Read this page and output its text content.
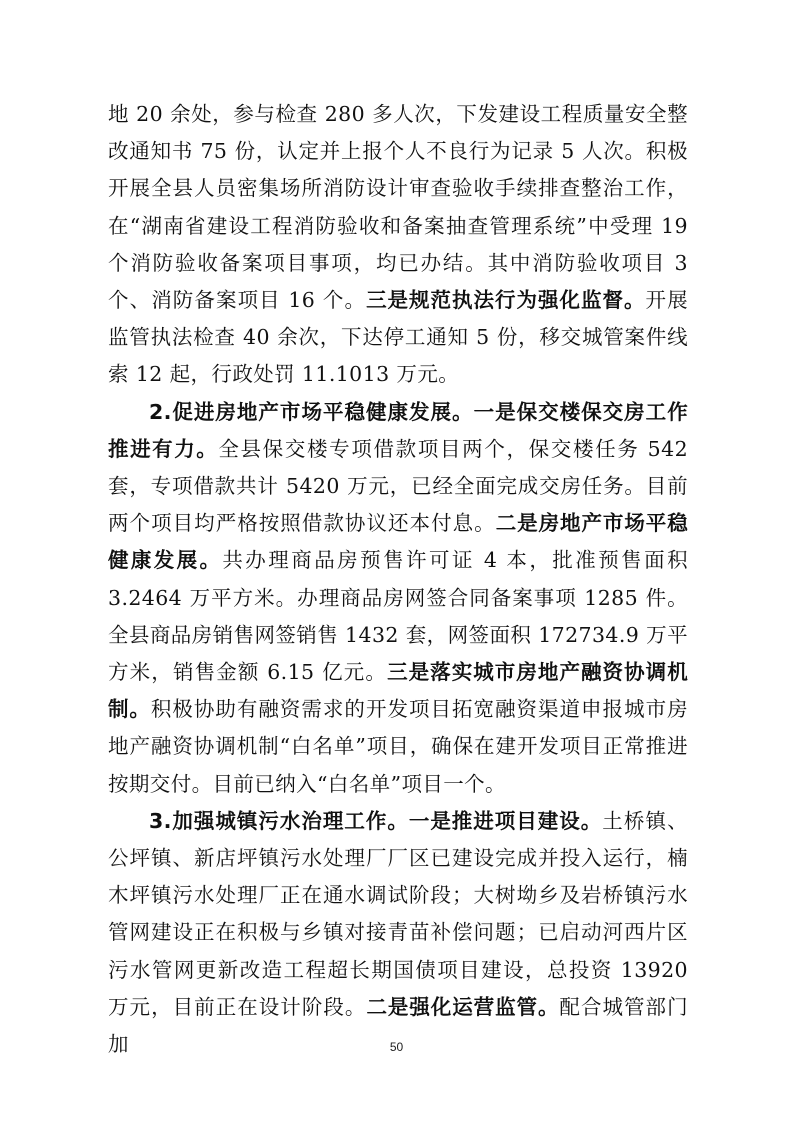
地 20 余处，参与检查 280 多人次，下发建设工程质量安全整改通知书 75 份，认定并上报个人不良行为记录 5 人次。积极开展全县人员密集场所消防设计审查验收手续排查整治工作，在“湖南省建设工程消防验收和备案抽查管理系统”中受理 19 个消防验收备案项目事项，均已办结。其中消防验收项目 3 个、消防备案项目 16 个。三是规范执法行为强化监督。开展监管执法检查 40 余次，下达停工通知 5 份，移交城管案件线索 12 起，行政处罚 11.1013 万元。

2.促进房地产市场平稳健康发展。一是保交楼保交房工作推进有力。全县保交楼专项借款项目两个，保交楼任务 542 套，专项借款共计 5420 万元，已经全面完成交房任务。目前两个项目均严格按照借款协议还本付息。二是房地产市场平稳健康发展。共办理商品房预售许可证 4 本，批准预售面积 3.2464 万平方米。办理商品房网签合同备案事项 1285 件。全县商品房销售网签销售 1432 套，网签面积 172734.9 万平方米，销售金额 6.15 亿元。三是落实城市房地产融资协调机制。积极协助有融资需求的开发项目拓宽融资渠道申报城市房地产融资协调机制“白名单”项目，确保在建开发项目正常推进按期交付。目前已纳入“白名单”项目一个。

3.加强城镇污水治理工作。一是推进项目建设。土桥镇、公坪镇、新店坪镇污水处理厂厂区已建设完成并投入运行，楠木坪镇污水处理厂正在通水调试阶段；大树坳乡及岩桥镇污水管网建设正在积极与乡镇对接青苗补偿问题；已启动河西片区污水管网更新改造工程超长期国债项目建设，总投资 13920 万元，目前正在设计阶段。二是强化运营监管。配合城管部门加	50
